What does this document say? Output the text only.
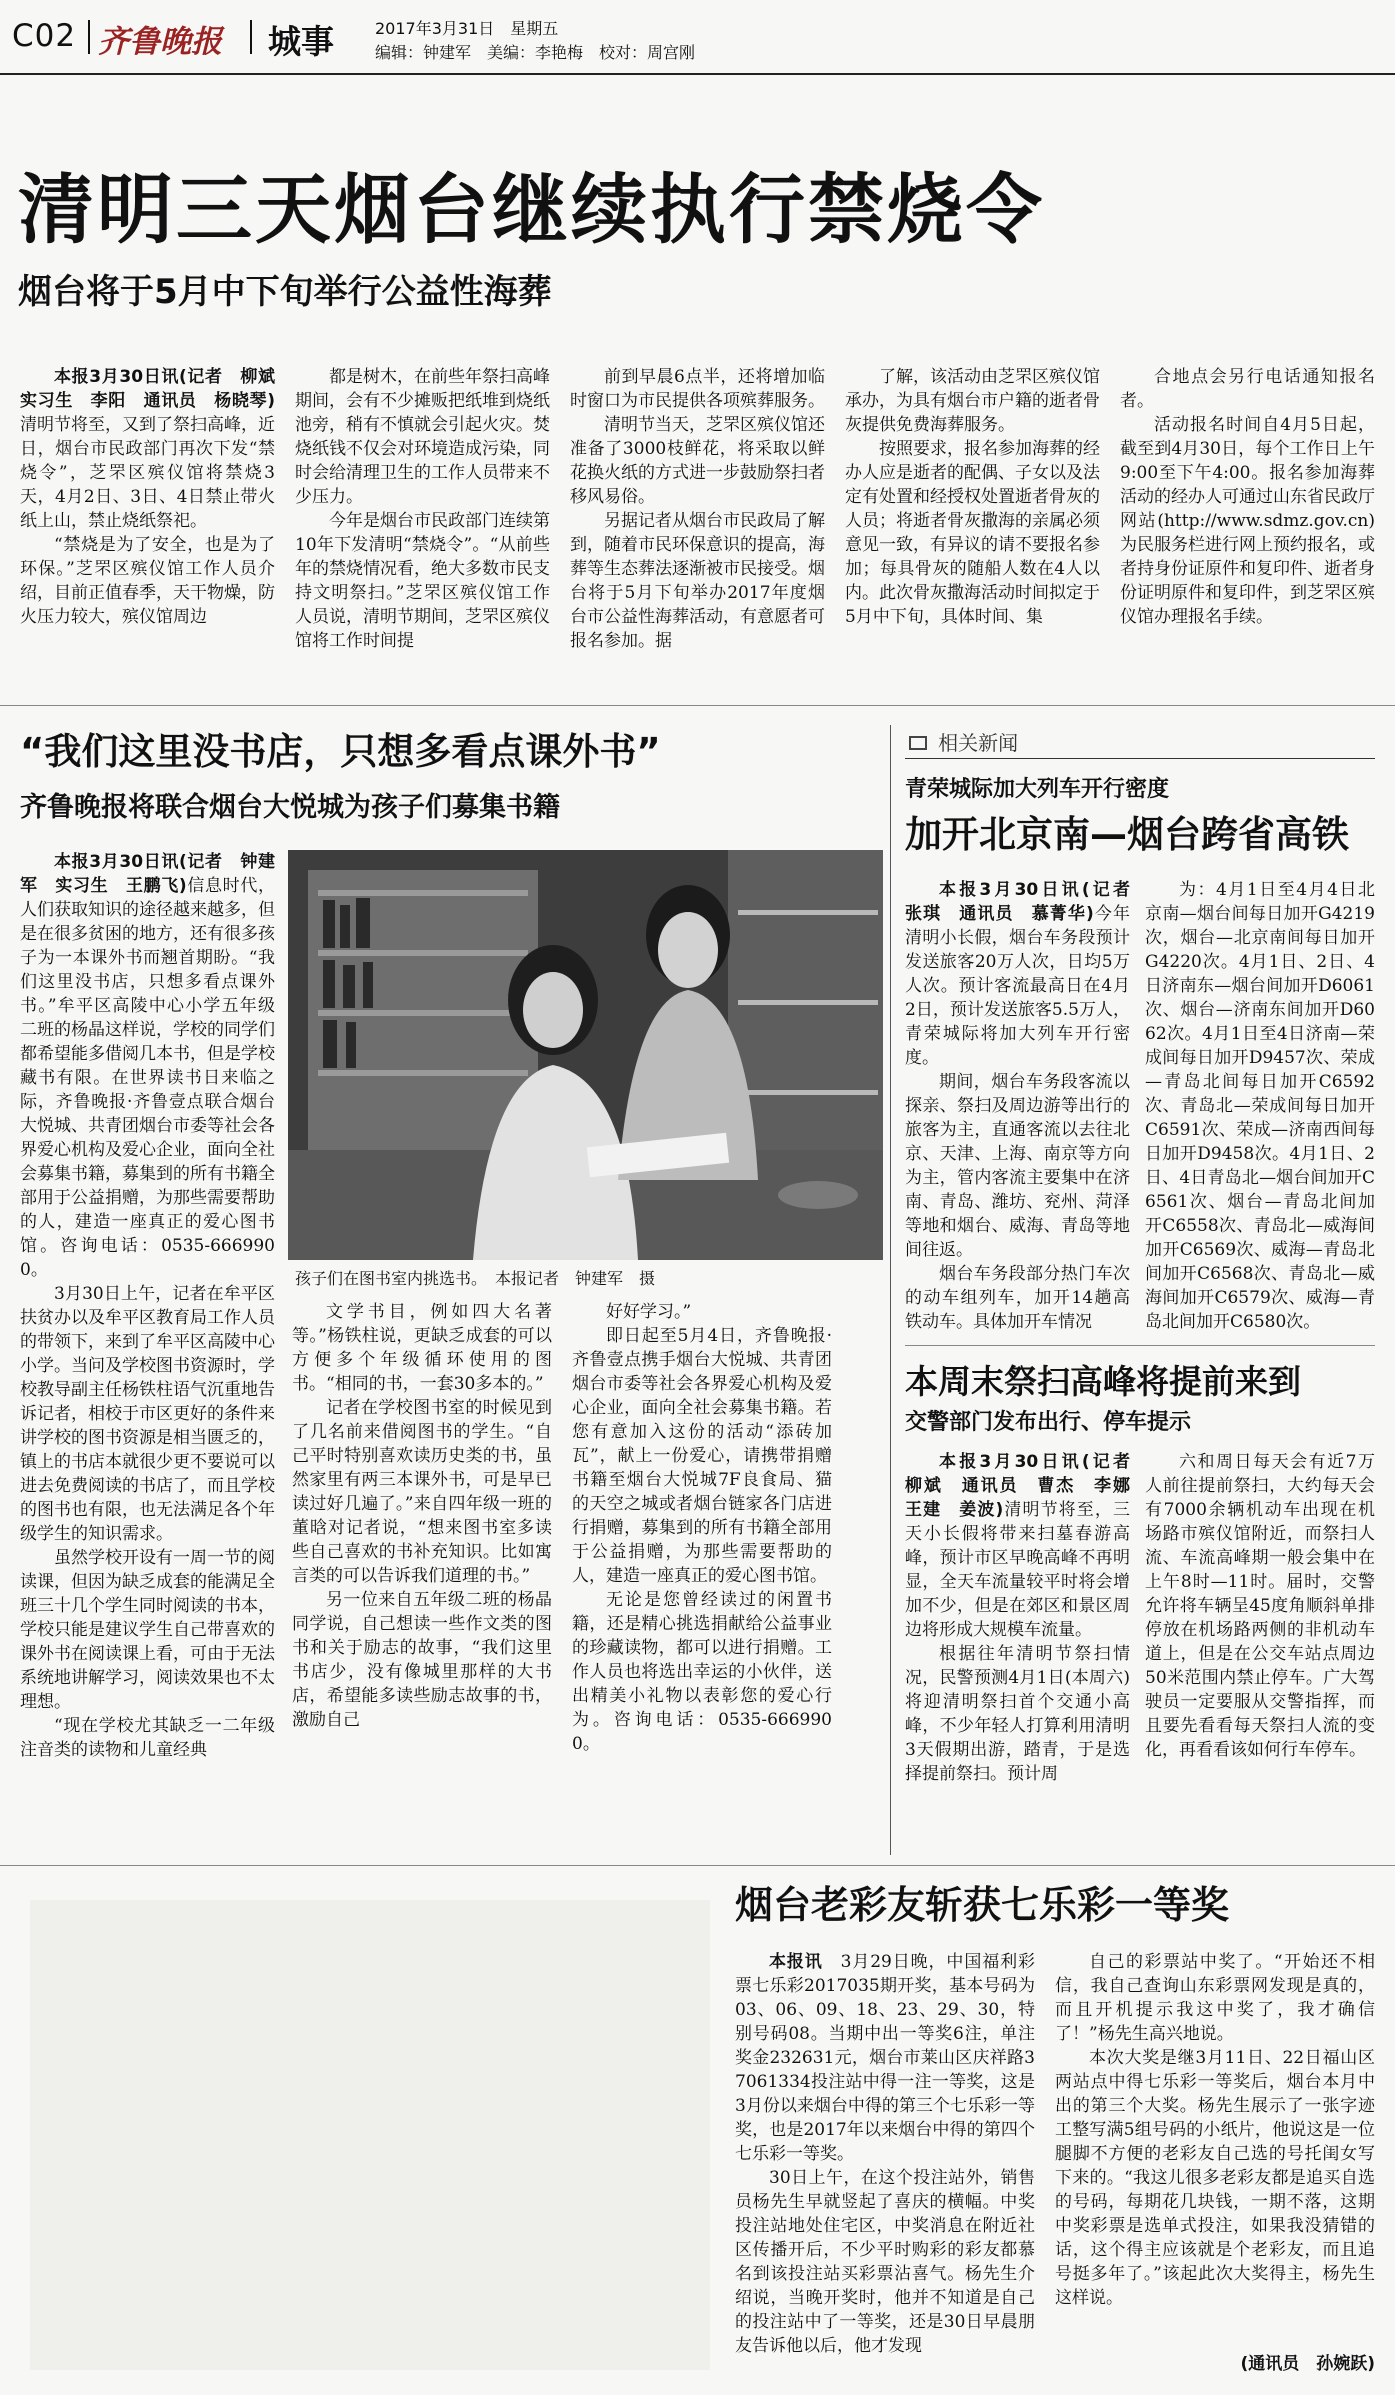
C02 齐鲁晚报 城事	2017年3月31日　星期五
编辑：钟建军　美编：李艳梅　校对：周宫刚
清明三天烟台继续执行禁烧令
烟台将于5月中下旬举行公益性海葬

本报3月30日讯(记者　柳斌　实习生　李阳　通讯员　杨晓琴)清明节将至，又到了祭扫高峰，近日，烟台市民政部门再次下发“禁烧令”，芝罘区殡仪馆将禁烧3天，4月2日、3日、4日禁止带火纸上山，禁止烧纸祭祀。

“禁烧是为了安全，也是为了环保。”芝罘区殡仪馆工作人员介绍，目前正值春季，天干物燥，防火压力较大，殡仪馆周边

都是树木，在前些年祭扫高峰期间，会有不少摊贩把纸堆到烧纸池旁，稍有不慎就会引起火灾。焚烧纸钱不仅会对环境造成污染，同时会给清理卫生的工作人员带来不少压力。

今年是烟台市民政部门连续第10年下发清明“禁烧令”。“从前些年的禁烧情况看，绝大多数市民支持文明祭扫。”芝罘区殡仪馆工作人员说，清明节期间，芝罘区殡仪馆将工作时间提

前到早晨6点半，还将增加临时窗口为市民提供各项殡葬服务。

清明节当天，芝罘区殡仪馆还准备了3000枝鲜花，将采取以鲜花换火纸的方式进一步鼓励祭扫者移风易俗。

另据记者从烟台市民政局了解到，随着市民环保意识的提高，海葬等生态葬法逐渐被市民接受。烟台将于5月下旬举办2017年度烟台市公益性海葬活动，有意愿者可报名参加。据

了解，该活动由芝罘区殡仪馆承办，为具有烟台市户籍的逝者骨灰提供免费海葬服务。

按照要求，报名参加海葬的经办人应是逝者的配偶、子女以及法定有处置和经授权处置逝者骨灰的人员；将逝者骨灰撒海的亲属必须意见一致，有异议的请不要报名参加；每具骨灰的随船人数在4人以内。此次骨灰撒海活动时间拟定于5月中下旬，具体时间、集

合地点会另行电话通知报名者。

活动报名时间自4月5日起，截至到4月30日，每个工作日上午9:00至下午4:00。报名参加海葬活动的经办人可通过山东省民政厅网站(http://www.sdmz.gov.cn)为民服务栏进行网上预约报名，或者持身份证原件和复印件、逝者身份证明原件和复印件，到芝罘区殡仪馆办理报名手续。

“我们这里没书店，只想多看点课外书”
齐鲁晚报将联合烟台大悦城为孩子们募集书籍

本报3月30日讯(记者　钟建军　实习生　王鹏飞)信息时代，人们获取知识的途径越来越多，但是在很多贫困的地方，还有很多孩子为一本课外书而翘首期盼。“我们这里没书店，只想多看点课外书。”牟平区高陵中心小学五年级二班的杨晶这样说，学校的同学们都希望能多借阅几本书，但是学校藏书有限。在世界读书日来临之际，齐鲁晚报·齐鲁壹点联合烟台大悦城、共青团烟台市委等社会各界爱心机构及爱心企业，面向全社会募集书籍，募集到的所有书籍全部用于公益捐赠，为那些需要帮助的人，建造一座真正的爱心图书馆。咨询电话：0535-6669900。

3月30日上午，记者在牟平区扶贫办以及牟平区教育局工作人员的带领下，来到了牟平区高陵中心小学。当问及学校图书资源时，学校教导副主任杨铁柱语气沉重地告诉记者，相校于市区更好的条件来讲学校的图书资源是相当匮乏的，镇上的书店本就很少更不要说可以进去免费阅读的书店了，而且学校的图书也有限，也无法满足各个年级学生的知识需求。

虽然学校开设有一周一节的阅读课，但因为缺乏成套的能满足全班三十几个学生同时阅读的书本，学校只能是建议学生自己带喜欢的课外书在阅读课上看，可由于无法系统地讲解学习，阅读效果也不太理想。

“现在学校尤其缺乏一二年级注音类的读物和儿童经典

孩子们在图书室内挑选书。　本报记者　钟建军　摄

文学书目，例如四大名著等。”杨铁柱说，更缺乏成套的可以方便多个年级循环使用的图书。“相同的书，一套30多本的。”

记者在学校图书室的时候见到了几名前来借阅图书的学生。“自己平时特别喜欢读历史类的书，虽然家里有两三本课外书，可是早已读过好几遍了。”来自四年级一班的董晗对记者说，“想来图书室多读些自己喜欢的书补充知识。比如寓言类的可以告诉我们道理的书。”

另一位来自五年级二班的杨晶同学说，自己想读一些作文类的图书和关于励志的故事，“我们这里书店少，没有像城里那样的大书店，希望能多读些励志故事的书，激励自己

好好学习。”

即日起至5月4日，齐鲁晚报·齐鲁壹点携手烟台大悦城、共青团烟台市委等社会各界爱心机构及爱心企业，面向全社会募集书籍。若您有意加入这份的活动“添砖加瓦”，献上一份爱心，请携带捐赠书籍至烟台大悦城7F良食局、猫的天空之城或者烟台链家各门店进行捐赠，募集到的所有书籍全部用于公益捐赠，为那些需要帮助的人，建造一座真正的爱心图书馆。

无论是您曾经读过的闲置书籍，还是精心挑选捐献给公益事业的珍藏读物，都可以进行捐赠。工作人员也将选出幸运的小伙伴，送出精美小礼物以表彰您的爱心行为。咨询电话：0535-6669900。

相关新闻
青荣城际加大列车开行密度
加开北京南—烟台跨省高铁

本报3月30日讯(记者　张琪　通讯员　慕菁华)今年清明小长假，烟台车务段预计发送旅客20万人次，日均5万人次。预计客流最高日在4月2日，预计发送旅客5.5万人，青荣城际将加大列车开行密度。

期间，烟台车务段客流以探亲、祭扫及周边游等出行的旅客为主，直通客流以去往北京、天津、上海、南京等方向为主，管内客流主要集中在济南、青岛、潍坊、兖州、菏泽等地和烟台、威海、青岛等地间往返。

烟台车务段部分热门车次的动车组列车，加开14趟高铁动车。具体加开车情况

为：4月1日至4月4日北京南—烟台间每日加开G4219次，烟台—北京南间每日加开G4220次。4月1日、2日、4日济南东—烟台间加开D6061次、烟台—济南东间加开D6062次。4月1日至4日济南—荣成间每日加开D9457次、荣成—青岛北间每日加开C6592次、青岛北—荣成间每日加开C6591次、荣成—济南西间每日加开D9458次。4月1日、2日、4日青岛北—烟台间加开C6561次、烟台—青岛北间加开C6558次、青岛北—威海间加开C6569次、威海—青岛北间加开C6568次、青岛北—威海间加开C6579次、威海—青岛北间加开C6580次。

本周末祭扫高峰将提前来到
交警部门发布出行、停车提示

本报3月30日讯(记者　柳斌　通讯员　曹杰　李娜　王建　姜波)清明节将至，三天小长假将带来扫墓春游高峰，预计市区早晚高峰不再明显，全天车流量较平时将会增加不少，但是在郊区和景区周边将形成大规模车流量。

根据往年清明节祭扫情况，民警预测4月1日(本周六)将迎清明祭扫首个交通小高峰，不少年轻人打算利用清明3天假期出游，踏青，于是选择提前祭扫。预计周

六和周日每天会有近7万人前往提前祭扫，大约每天会有7000余辆机动车出现在机场路市殡仪馆附近，而祭扫人流、车流高峰期一般会集中在上午8时—11时。届时，交警允许将车辆呈45度角顺斜单排停放在机场路两侧的非机动车道上，但是在公交车站点周边50米范围内禁止停车。广大驾驶员一定要服从交警指挥，而且要先看看每天祭扫人流的变化，再看看该如何行车停车。

烟台老彩友斩获七乐彩一等奖

本报讯　 3月29日晚，中国福利彩票七乐彩2017035期开奖，基本号码为03、06、09、18、23、29、30，特别号码08。当期中出一等奖6注，单注奖金232631元，烟台市莱山区庆祥路37061334投注站中得一注一等奖，这是3月份以来烟台中得的第三个七乐彩一等奖，也是2017年以来烟台中得的第四个七乐彩一等奖。

30日上午，在这个投注站外，销售员杨先生早就竖起了喜庆的横幅。中奖投注站地处住宅区，中奖消息在附近社区传播开后，不少平时购彩的彩友都慕名到该投注站买彩票沾喜气。杨先生介绍说，当晚开奖时，他并不知道是自己的投注站中了一等奖，还是30日早晨朋友告诉他以后，他才发现

自己的彩票站中奖了。“开始还不相信，我自己查询山东彩票网发现是真的，而且开机提示我这中奖了，我才确信了！”杨先生高兴地说。

本次大奖是继3月11日、22日福山区两站点中得七乐彩一等奖后，烟台本月中出的第三个大奖。杨先生展示了一张字迹工整写满5组号码的小纸片，他说这是一位腿脚不方便的老彩友自己选的号托闺女写下来的。“我这儿很多老彩友都是追买自选的号码，每期花几块钱，一期不落，这期中奖彩票是选单式投注，如果我没猜错的话，这个得主应该就是个老彩友，而且追号挺多年了。”该起此次大奖得主，杨先生这样说。

(通讯员　孙婉跃)
